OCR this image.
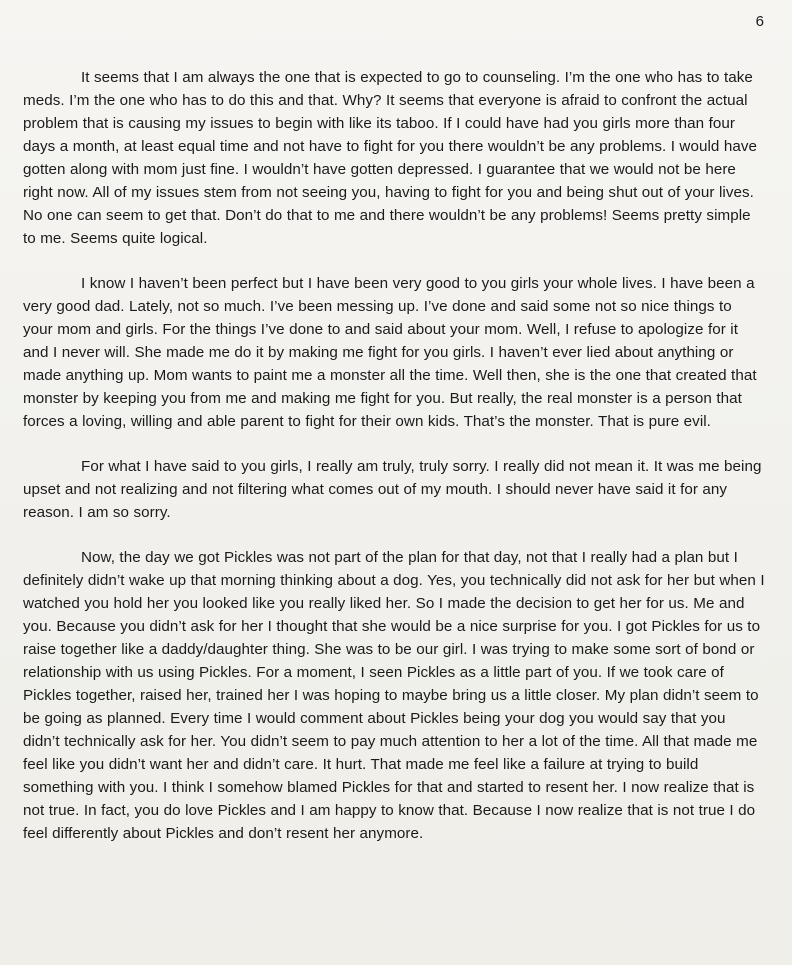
6

It seems that I am always the one that is expected to go to counseling. I’m the one who has to take meds. I’m the one who has to do this and that. Why? It seems that everyone is afraid to confront the actual problem that is causing my issues to begin with like its taboo. If I could have had you girls more than four days a month, at least equal time and not have to fight for you there wouldn’t be any problems. I would have gotten along with mom just fine. I wouldn’t have gotten depressed. I guarantee that we would not be here right now. All of my issues stem from not seeing you, having to fight for you and being shut out of your lives. No one can seem to get that. Don’t do that to me and there wouldn’t be any problems! Seems pretty simple to me. Seems quite logical.

I know I haven’t been perfect but I have been very good to you girls your whole lives. I have been a very good dad. Lately, not so much. I’ve been messing up. I’ve done and said some not so nice things to your mom and girls. For the things I’ve done to and said about your mom. Well, I refuse to apologize for it and I never will. She made me do it by making me fight for you girls. I haven’t ever lied about anything or made anything up. Mom wants to paint me a monster all the time. Well then, she is the one that created that monster by keeping you from me and making me fight for you. But really, the real monster is a person that forces a loving, willing and able parent to fight for their own kids. That’s the monster. That is pure evil.

For what I have said to you girls, I really am truly, truly sorry. I really did not mean it. It was me being upset and not realizing and not filtering what comes out of my mouth. I should never have said it for any reason. I am so sorry.

Now, the day we got Pickles was not part of the plan for that day, not that I really had a plan but I definitely didn’t wake up that morning thinking about a dog. Yes, you technically did not ask for her but when I watched you hold her you looked like you really liked her. So I made the decision to get her for us. Me and you. Because you didn’t ask for her I thought that she would be a nice surprise for you. I got Pickles for us to raise together like a daddy/daughter thing. She was to be our girl. I was trying to make some sort of bond or relationship with us using Pickles. For a moment, I seen Pickles as a little part of you. If we took care of Pickles together, raised her, trained her I was hoping to maybe bring us a little closer. My plan didn’t seem to be going as planned. Every time I would comment about Pickles being your dog you would say that you didn’t technically ask for her. You didn’t seem to pay much attention to her a lot of the time. All that made me feel like you didn’t want her and didn’t care. It hurt. That made me feel like a failure at trying to build something with you. I think I somehow blamed Pickles for that and started to resent her. I now realize that is not true. In fact, you do love Pickles and I am happy to know that. Because I now realize that is not true I do feel differently about Pickles and don’t resent her anymore.
